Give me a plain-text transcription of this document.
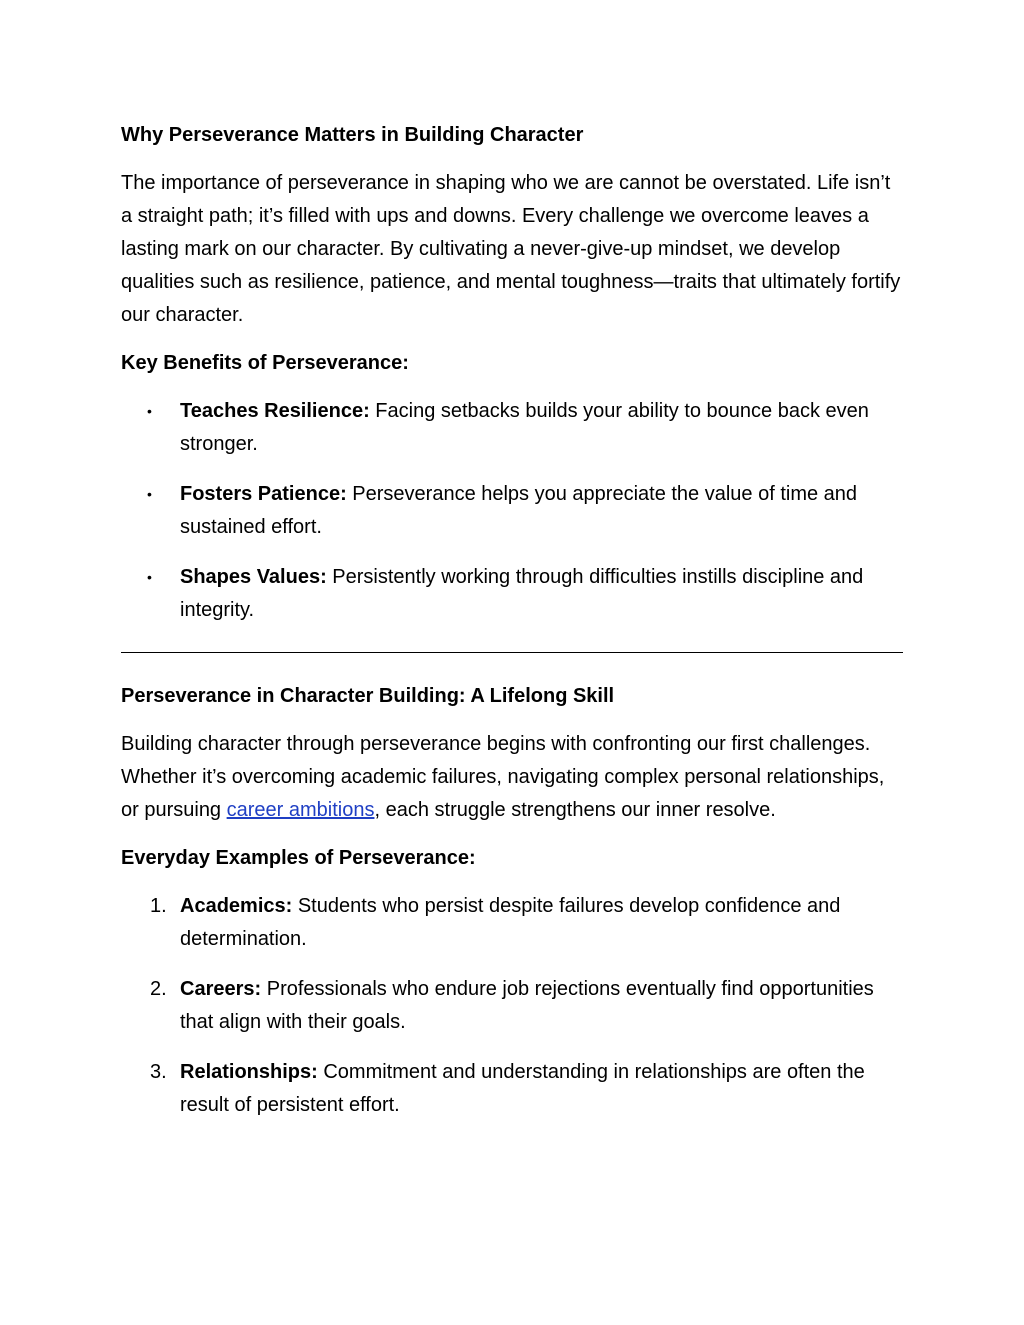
Why Perseverance Matters in Building Character

The importance of perseverance in shaping who we are cannot be overstated. Life isn’t a straight path; it’s filled with ups and downs. Every challenge we overcome leaves a lasting mark on our character. By cultivating a never-give-up mindset, we develop qualities such as resilience, patience, and mental toughness—traits that ultimately fortify our character.

Key Benefits of Perseverance:
•	Teaches Resilience: Facing setbacks builds your ability to bounce back even stronger.
•	Fosters Patience: Perseverance helps you appreciate the value of time and sustained effort.
•	Shapes Values: Persistently working through difficulties instills discipline and integrity.
Perseverance in Character Building: A Lifelong Skill

Building character through perseverance begins with confronting our first challenges. Whether it’s overcoming academic failures, navigating complex personal relationships, or pursuing career ambitions, each struggle strengthens our inner resolve.

Everyday Examples of Perseverance:
1. Academics: Students who persist despite failures develop confidence and determination.
2. Careers: Professionals who endure job rejections eventually find opportunities that align with their goals.
3. Relationships: Commitment and understanding in relationships are often the result of persistent effort.
